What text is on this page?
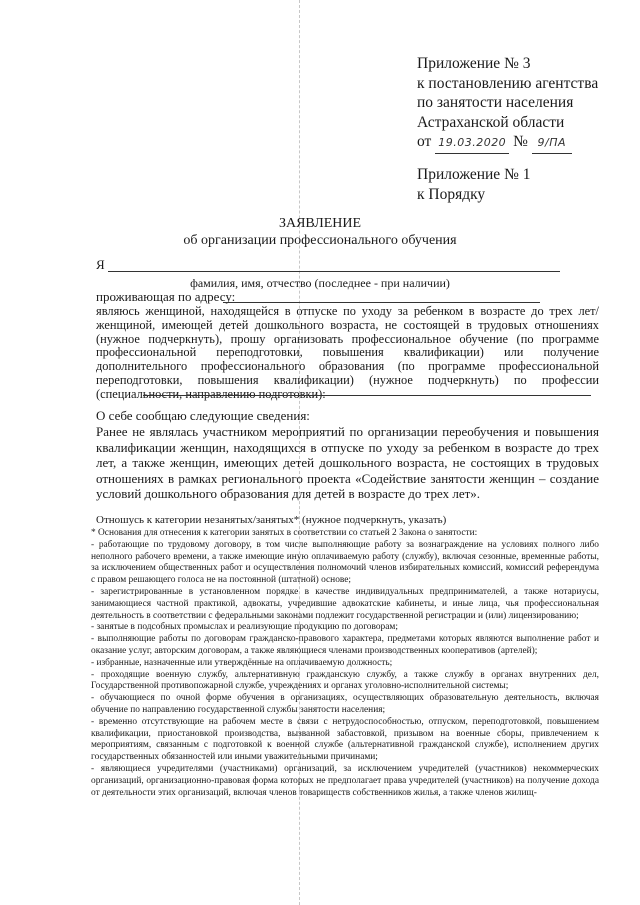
Приложение № 3
к постановлению агентства
по занятости населения
Астраханской области
от 19.03.2020 № 9/ПА
Приложение № 1
к Порядку
ЗАЯВЛЕНИЕ
об организации профессионального обучения
Я
фамилия, имя, отчество (последнее - при наличии)
проживающая по адресу:
являюсь женщиной, находящейся в отпуске по уходу за ребенком в возрасте до трех лет/женщиной, имеющей детей дошкольного возраста, не состоящей в трудовых отношениях (нужное подчеркнуть), прошу организовать профессиональное обучение (по программе профессиональной переподготовки, повышения квалификации) или получение дополнительного профессионального образования (по программе профессиональной переподготовки, повышения квалификации) (нужное подчеркнуть) по профессии (специальности, направлению подготовки):
О себе сообщаю следующие сведения:
Ранее не являлась участником мероприятий по организации переобучения и повышения квалификации женщин, находящихся в отпуске по уходу за ребенком в возрасте до трех лет, а также женщин, имеющих детей дошкольного возраста, не состоящих в трудовых отношениях в рамках регионального проекта «Содействие занятости женщин – создание условий дошкольного образования для детей в возрасте до трех лет».
Отношусь к категории незанятых/занятых* (нужное подчеркнуть, указать)

* Основания для отнесения к категории занятых в соответствии со статьей 2 Закона о занятости:

- работающие по трудовому договору, в том числе выполняющие работу за вознаграждение на условиях полного либо неполного рабочего времени, а также имеющие иную оплачиваемую работу (службу), включая сезонные, временные работы, за исключением общественных работ и осуществления полномочий членов избирательных комиссий, комиссий референдума с правом решающего голоса не на постоянной (штатной) основе;

- зарегистрированные в установленном порядке в качестве индивидуальных предпринимателей, а также нотариусы, занимающиеся частной практикой, адвокаты, учредившие адвокатские кабинеты, и иные лица, чья профессиональная деятельность в соответствии с федеральными законами подлежит государственной регистрации и (или) лицензированию;

- занятые в подсобных промыслах и реализующие продукцию по договорам;

- выполняющие работы по договорам гражданско-правового характера, предметами которых являются выполнение работ и оказание услуг, авторским договорам, а также являющиеся членами производственных кооперативов (артелей);

- избранные, назначенные или утверждённые на оплачиваемую должность;

- проходящие военную службу, альтернативную гражданскую службу, а также службу в органах внутренних дел, Государственной противопожарной службе, учреждениях и органах уголовно-исполнительной системы;

- обучающиеся по очной форме обучения в организациях, осуществляющих образовательную деятельность, включая обучение по направлению государственной службы занятости населения;

- временно отсутствующие на рабочем месте в связи с нетрудоспособностью, отпуском, переподготовкой, повышением квалификации, приостановкой производства, вызванной забастовкой, призывом на военные сборы, привлечением к мероприятиям, связанным с подготовкой к военной службе (альтернативной гражданской службе), исполнением других государственных обязанностей или иными уважительными причинами;

- являющиеся учредителями (участниками) организаций, за исключением учредителей (участников) некоммерческих организаций, организационно-правовая форма которых не предполагает права учредителей (участников) на получение дохода от деятельности этих организаций, включая членов товариществ собственников жилья, а также членов жилищ-
